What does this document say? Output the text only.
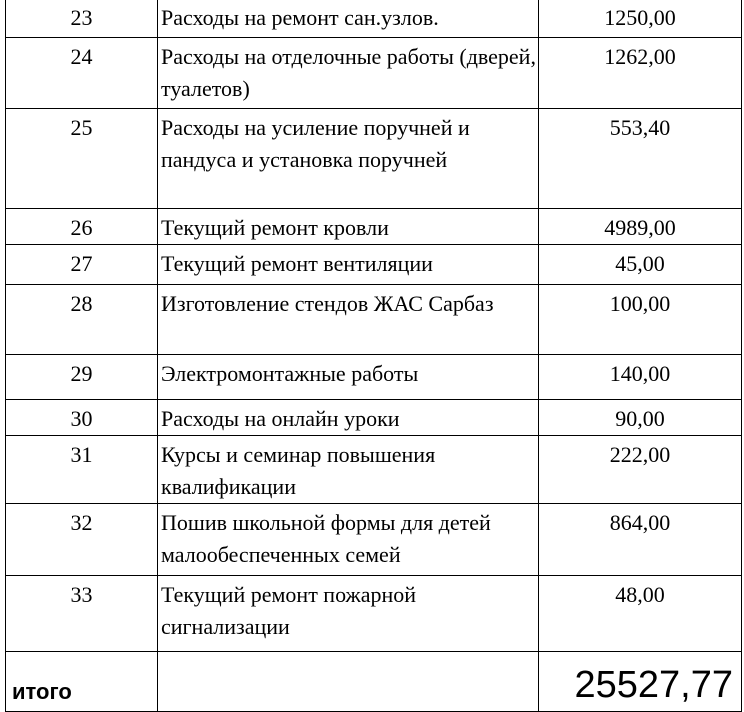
23	Расходы на ремонт сан.узлов.	1250,00
24	Расходы на отделочные работы (дверей, туалетов)	1262,00
25	Расходы на усиление поручней и пандуса и установка поручней	553,40
26	Текущий ремонт кровли	4989,00
27	Текущий ремонт вентиляции	45,00
28	Изготовление стендов ЖАС Сарбаз	100,00
29	Электромонтажные работы	140,00
30	Расходы на онлайн уроки	90,00
31	Курсы и семинар повышения квалификации	222,00
32	Пошив школьной формы для детей малообеспеченных семей	864,00
33	Текущий ремонт пожарной сигнализации	48,00
итого		25527,77
